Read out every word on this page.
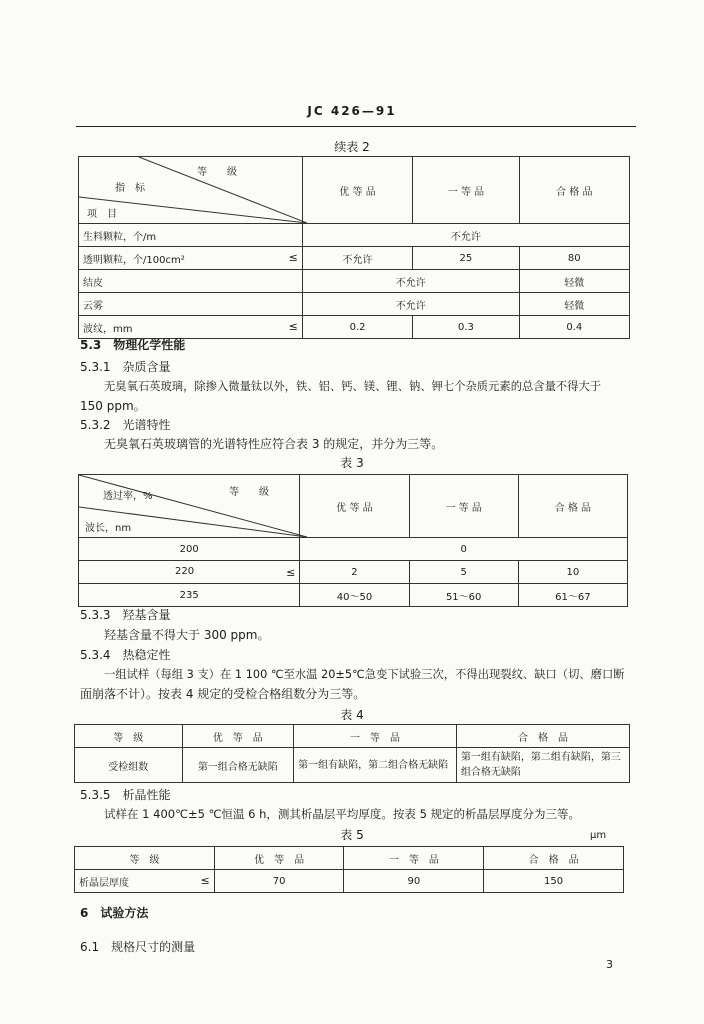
JC 426—91
续表 2
等　　级
指　标
项　目	优 等 品	一 等 品	合 格 品
生料颗粒，个/m	不允许		
透明颗粒，个/100cm² ≤	不允许	25	80
结皮	不允许		轻微
云雾	不允许		轻微
波纹，mm ≤	0.2	0.3	0.4
5.3　物理化学性能
5.3.1　杂质含量
无臭氧石英玻璃，除掺入微量钛以外，铁、铝、钙、镁、锂、钠、钾七个杂质元素的总含量不得大于
150 ppm。
5.3.2　光谱特性
无臭氧石英玻璃管的光谱特性应符合表 3 的规定，并分为三等。
表 3
透过率，% 等　　级
波长，nm	优 等 品	一 等 品	合 格 品
200	0		
220 ≤	2	5	10
235	40～50	51～60	61～67
5.3.3　羟基含量
羟基含量不得大于 300 ppm。
5.3.4　热稳定性
一组试样（每组 3 支）在 1 100 ℃至水温 20±5℃急变下试验三次，不得出现裂纹、缺口（切、磨口断
面崩落不计）。按表 4 规定的受检合格组数分为三等。
表 4
等　级	优　等　品	一　等　品	合　格　品
受检组数	第一组合格无缺陷	第一组有缺陷，第二组合格无缺陷	第一组有缺陷，第二组有缺陷，第三组合格无缺陷
5.3.5　析晶性能
试样在 1 400℃±5 ℃恒温 6 h，测其析晶层平均厚度。按表 5 规定的析晶层厚度分为三等。
表 5	μm
等　级	优　等　品	一　等　品	合　格　品
析晶层厚度 ≤	70	90	150
6　试验方法
6.1　规格尺寸的测量
3
